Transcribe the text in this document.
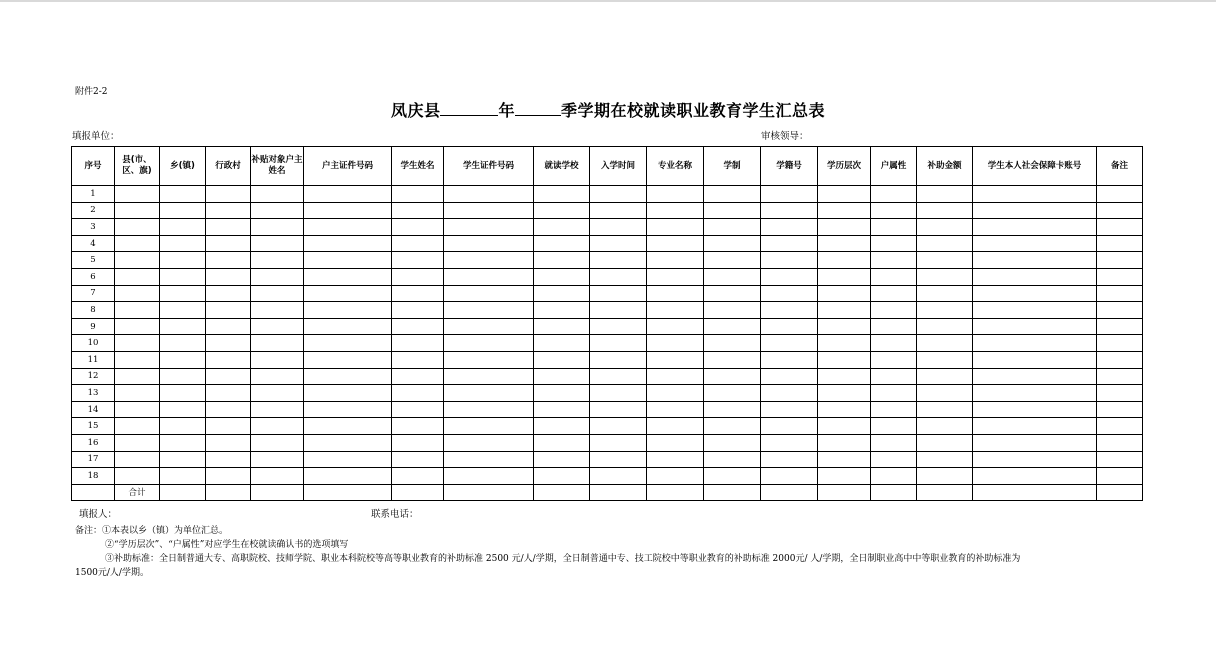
附件2-2
凤庆县	年	季学期在校就读职业教育学生汇总表
填报单位：	审核领导：
序号	县(市、区、旗)	乡(镇)	行政村	补贴对象户主姓名	户主证件号码	学生姓名	学生证件号码	就读学校	入学时间	专业名称	学制	学籍号	学历层次	户属性	补助金额	学生本人社会保障卡账号	备注
1																	
2																	
3																	
4																	
5																	
6																	
7																	
8																	
9																	
10																	
11																	
12																	
13																	
14																	
15																	
16																	
17																	
18																	
	合计																
填报人：	联系电话：
备注：①本表以乡（镇）为单位汇总。
②“学历层次”、“户属性”对应学生在校就读确认书的选项填写
③补助标准：全日制普通大专、高职院校、技师学院、职业本科院校等高等职业教育的补助标准 2500 元/人/学期，全日制普通中专、技工院校中等职业教育的补助标准 2000元/ 人/学期，全日制职业高中中等职业教育的补助标准为
1500元/人/学期。
